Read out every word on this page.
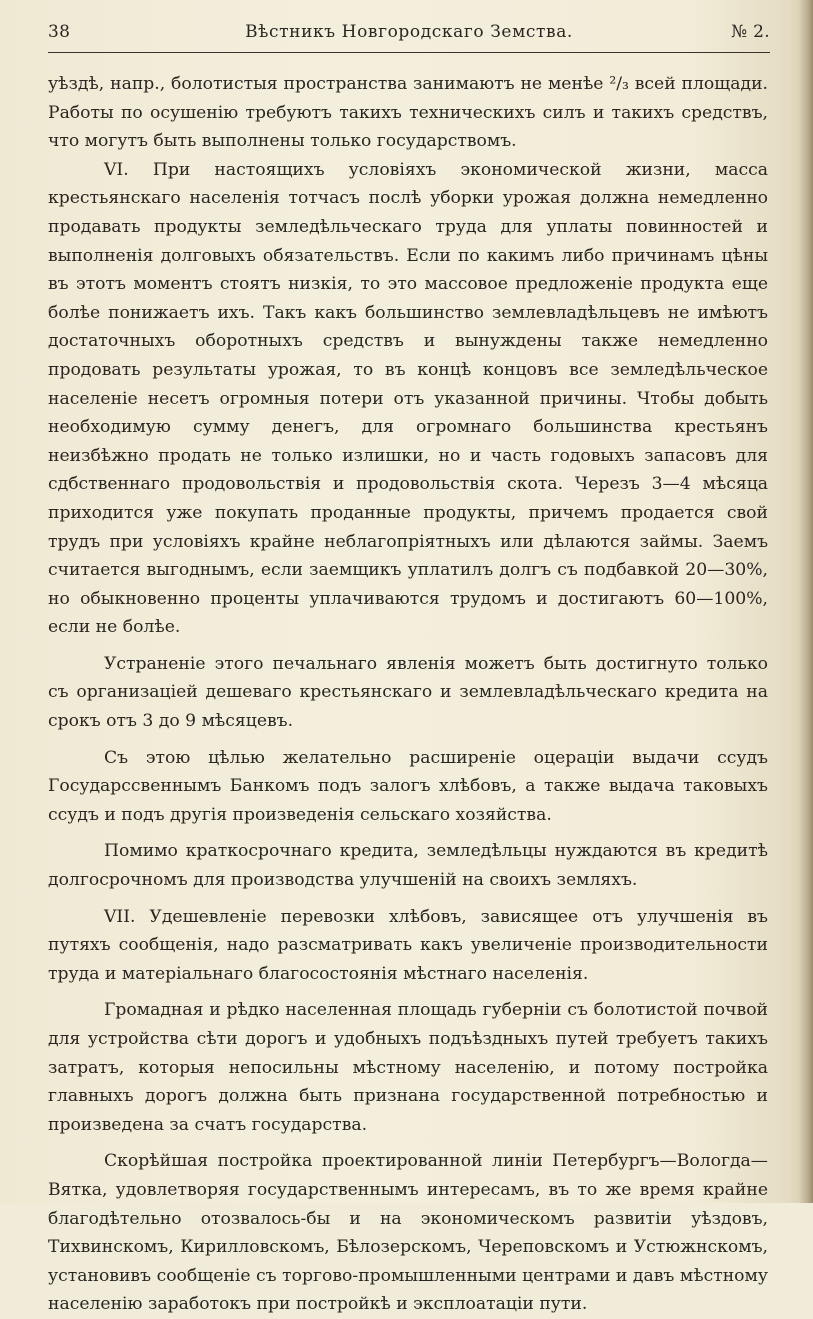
38	Вѣстникъ Новгородскаго Земства.	№ 2.

уѣздѣ, напр., болотистыя пространства занимаютъ не менѣе ²/₃ всей площади. Работы по осушенію требуютъ такихъ техническихъ силъ и такихъ средствъ, что могутъ быть выполнены только государствомъ.

VI. При настоящихъ условіяхъ экономической жизни, масса крестьянскаго населенія тотчасъ послѣ уборки урожая должна немедленно продавать продукты земледѣльческаго труда для уплаты повинностей и выполненія долговыхъ обязательствъ. Если по какимъ либо причинамъ цѣны въ этотъ моментъ стоятъ низкія, то это массовое предложеніе продукта еще болѣе понижаетъ ихъ. Такъ какъ большинство землевладѣльцевъ не имѣютъ достаточныхъ оборотныхъ средствъ и вынуждены также немедленно продовать результаты урожая, то въ концѣ концовъ все земледѣльческое населеніе несетъ огромныя потери отъ указанной причины. Чтобы добыть необходимую сумму денегъ, для огромнаго большинства крестьянъ неизбѣжно продать не только излишки, но и часть годовыхъ запасовъ для сдбственнаго продовольствія и продовольствія скота. Черезъ 3—4 мѣсяца приходится уже покупать проданные продукты, причемъ продается свой трудъ при условіяхъ крайне неблагопріятныхъ или дѣлаются займы. Заемъ считается выгоднымъ, если заемщикъ уплатилъ долгъ съ подбавкой 20—30%, но обыкновенно проценты уплачиваются трудомъ и достигаютъ 60—100%, если не болѣе.

Устраненіе этого печальнаго явленія можетъ быть достигнуто только съ организаціей дешеваго крестьянскаго и землевладѣльческаго кредита на срокъ отъ 3 до 9 мѣсяцевъ.

Съ этою цѣлью желательно расширеніе оцераціи выдачи ссудъ Государссвеннымъ Банкомъ подъ залогъ хлѣбовъ, а также выдача таковыхъ ссудъ и подъ другія произведенія сельскаго хозяйства.

Помимо краткосрочнаго кредита, земледѣльцы нуждаются въ кредитѣ долгосрочномъ для производства улучшеній на своихъ земляхъ.

VII. Удешевленіе перевозки хлѣбовъ, зависящее отъ улучшенія въ путяхъ сообщенія, надо разсматривать какъ увеличеніе производительности труда и матеріальнаго благосостоянія мѣстнаго населенія.

Громадная и рѣдко населенная площадь губерніи съ болотистой почвой для устройства сѣти дорогъ и удобныхъ подъѣздныхъ путей требуетъ такихъ затратъ, которыя непосильны мѣстному населенію, и потому постройка главныхъ дорогъ должна быть признана государственной потребностью и произведена за счатъ государства.

Скорѣйшая постройка проектированной линіи Петербургъ—Вологда—Вятка, удовлетворяя государственнымъ интересамъ, въ то же время крайне благодѣтельно отозвалось-бы и на экономическомъ развитіи уѣздовъ, Тихвинскомъ, Кирилловскомъ, Бѣлозерскомъ, Череповскомъ и Устюжнскомъ, установивъ сообщеніе съ торгово-промышленными центрами и давъ мѣстному населенію заработокъ при постройкѣ и эксплоатаціи пути.
